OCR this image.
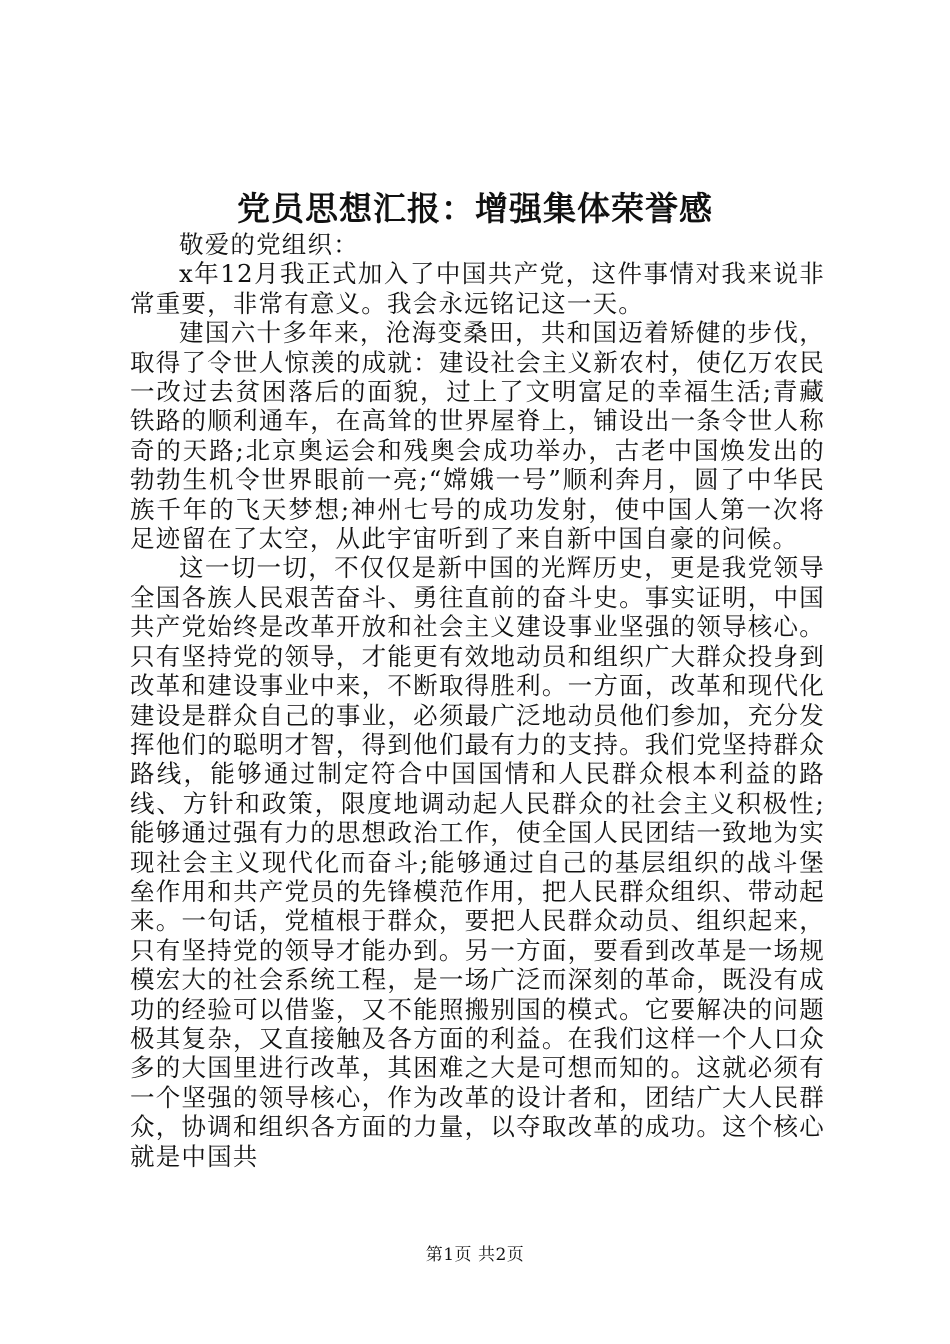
党员思想汇报：增强集体荣誉感

敬爱的党组织：

x年12月我正式加入了中国共产党，这件事情对我来说非常重要，非常有意义。我会永远铭记这一天。

建国六十多年来，沧海变桑田，共和国迈着矫健的步伐，取得了令世人惊羡的成就：建设社会主义新农村，使亿万农民一改过去贫困落后的面貌，过上了文明富足的幸福生活;青藏铁路的顺利通车，在高耸的世界屋脊上，铺设出一条令世人称奇的天路;北京奥运会和残奥会成功举办，古老中国焕发出的勃勃生机令世界眼前一亮;“嫦娥一号”顺利奔月，圆了中华民族千年的飞天梦想;神州七号的成功发射，使中国人第一次将足迹留在了太空，从此宇宙听到了来自新中国自豪的问候。

这一切一切，不仅仅是新中国的光辉历史，更是我党领导全国各族人民艰苦奋斗、勇往直前的奋斗史。事实证明，中国共产党始终是改革开放和社会主义建设事业坚强的领导核心。只有坚持党的领导，才能更有效地动员和组织广大群众投身到改革和建设事业中来，不断取得胜利。一方面，改革和现代化建设是群众自己的事业，必须最广泛地动员他们参加，充分发挥他们的聪明才智，得到他们最有力的支持。我们党坚持群众路线，能够通过制定符合中国国情和人民群众根本利益的路线、方针和政策，限度地调动起人民群众的社会主义积极性;能够通过强有力的思想政治工作，使全国人民团结一致地为实现社会主义现代化而奋斗;能够通过自己的基层组织的战斗堡垒作用和共产党员的先锋模范作用，把人民群众组织、带动起来。一句话，党植根于群众，要把人民群众动员、组织起来，只有坚持党的领导才能办到。另一方面，要看到改革是一场规模宏大的社会系统工程，是一场广泛而深刻的革命，既没有成功的经验可以借鉴，又不能照搬别国的模式。它要解决的问题极其复杂，又直接触及各方面的利益。在我们这样一个人口众多的大国里进行改革，其困难之大是可想而知的。这就必须有一个坚强的领导核心，作为改革的设计者和，团结广大人民群众，协调和组织各方面的力量，以夺取改革的成功。这个核心就是中国共

第1页 共2页
